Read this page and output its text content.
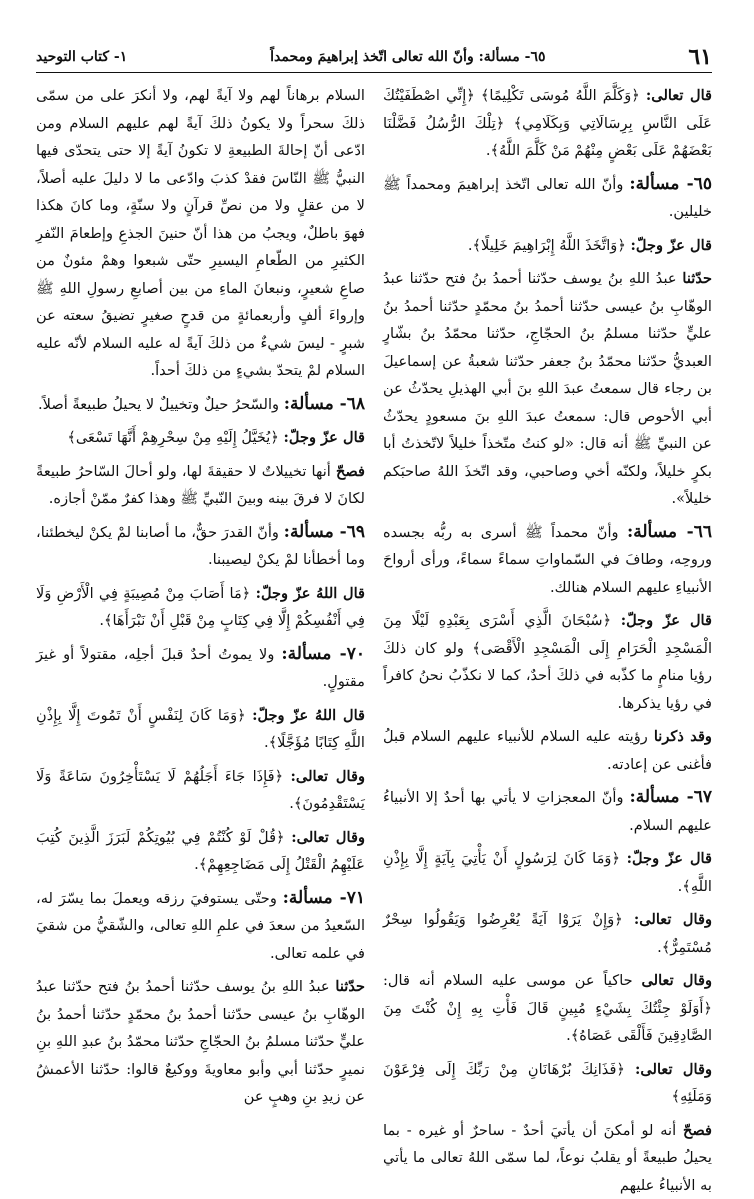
١- كتاب التوحيد	٦٥- مسألة: وأنّ الله تعالى اتّخذ إبراهيمَ ومحمداً	٦١

قال تعالى: ﴿وَكَلَّمَ اللَّهُ مُوسَى تَكْلِيمًا﴾ ﴿إِنِّي اصْطَفَيْتُكَ عَلَى النَّاسِ بِرِسَالَاتِي وَبِكَلَامِي﴾ ﴿تِلْكَ الرُّسُلُ فَضَّلْنَا بَعْضَهُمْ عَلَى بَعْضٍ مِنْهُمْ مَنْ كَلَّمَ اللَّهُ﴾.

٦٥- مسألة: وأنّ الله تعالى اتّخذ إبراهيمَ ومحمداً ﷺ خليلين.

قال عزّ وجلّ: ﴿وَاتَّخَذَ اللَّهُ إِبْرَاهِيمَ خَلِيلًا﴾.

حدّثنا عبدُ اللهِ بنُ يوسف حدّثنا أحمدُ بنُ فتح حدّثنا عبدُ الوهّابِ بنُ عيسى حدّثنا أحمدُ بنُ محمّدٍ حدّثنا أحمدُ بنُ عليٍّ حدّثنا مسلمُ بنُ الحجّاجِ، حدّثنا محمّدُ بنُ بشّارٍ العبديُّ حدّثنا محمّدُ بنُ جعفر حدّثنا شعبةُ عن إسماعيلَ بن رجاء قال سمعتُ عبدَ اللهِ بنَ أبي الهذيلِ يحدّثُ عن أبي الأحوص قال: سمعتُ عبدَ اللهِ بنَ مسعودٍ يحدّثُ عن النبيِّ ﷺ أنه قال: «لو كنتُ متّخذاً خليلاً لاتّخذتُ أبا بكرٍ خليلاً، ولكنّه أخي وصاحبي، وقد اتّخذَ اللهُ صاحبَكم خليلاً».

٦٦- مسألة: وأنّ محمداً ﷺ أسرى به ربُّه بجسده وروحِه، وطافَ في السّماواتِ سماءً سماءً، ورأى أرواحَ الأنبياءِ عليهم السلام هنالك.

قال عزّ وجلّ: ﴿سُبْحَانَ الَّذِي أَسْرَى بِعَبْدِهِ لَيْلًا مِنَ الْمَسْجِدِ الْحَرَامِ إِلَى الْمَسْجِدِ الْأَقْصَى﴾ ولو كان ذلكَ رؤيا منامٍ ما كذّبه في ذلكَ أحدٌ، كما لا نكذّبُ نحنُ كافراً في رؤيا يذكرها.

وقد ذكرنا رؤيته عليه السلام للأنبياء عليهم السلام قبلُ فأغنى عن إعادته.

٦٧- مسألة: وأنّ المعجزاتِ لا يأتي بها أحدٌ إلا الأنبياءُ عليهم السلام.

قال عزّ وجلّ: ﴿وَمَا كَانَ لِرَسُولٍ أَنْ يَأْتِيَ بِآيَةٍ إِلَّا بِإِذْنِ اللَّهِ﴾.

وقال تعالى: ﴿وَإِنْ يَرَوْا آيَةً يُعْرِضُوا وَيَقُولُوا سِحْرٌ مُسْتَمِرٌّ﴾.

وقال تعالى حاكياً عن موسى عليه السلام أنه قال: ﴿أَوَلَوْ جِئْتُكَ بِشَيْءٍ مُبِينٍ قَالَ فَأْتِ بِهِ إِنْ كُنْتَ مِنَ الصَّادِقِينَ فَأَلْقَى عَصَاهُ﴾.

وقال تعالى: ﴿فَذَانِكَ بُرْهَانَانِ مِنْ رَبِّكَ إِلَى فِرْعَوْنَ وَمَلَئِهِ﴾

فصحّ أنه لو أمكنَ أن يأتيَ أحدٌ - ساحرٌ أو غيره - بما يحيلُ طبيعةً أو يقلبُ نوعاً، لما سمّى اللهُ تعالى ما يأتي به الأنبياءُ عليهم

السلام برهاناً لهم ولا آيةً لهم، ولا أنكرَ على من سمّى ذلكَ سحراً ولا يكونُ ذلكَ آيةً لهم عليهم السلام ومن ادّعى أنّ إحالةَ الطبيعةِ لا تكونُ آيةً إلا حتى يتحدّى فيها النبيُّ ﷺ النّاسَ فقدْ كذبَ وادّعى ما لا دليلَ عليه أصلاً، لا من عقلٍ ولا من نصِّ قرآنٍ ولا سنّةٍ، وما كانَ هكذا فهوَ باطلٌ، ويجبُ من هذا أنّ حنينَ الجذعِ وإطعامَ النّفرِ الكثيرِ من الطّعامِ اليسيرِ حتّى شبعوا وهمْ مئونٌ من صاعِ شعيرٍ، ونبعانَ الماءِ من بين أصابعِ رسولِ اللهِ ﷺ وإرواءَ ألفٍ وأربعمائةٍ من قدحٍ صغيرٍ تضيقُ سعته عن شبرٍ - ليسَ شيءٌ من ذلكَ آيةً له عليه السلام لأنّه عليه السلام لمْ يتحدّ بشيءٍ من ذلكَ أحداً.

٦٨- مسألة: والسّحرُ حيلٌ وتخييلٌ لا يحيلُ طبيعةً أصلاً.

قال عزّ وجلّ: ﴿يُخَيَّلُ إِلَيْهِ مِنْ سِحْرِهِمْ أَنَّهَا تَسْعَى﴾

فصحّ أنها تخييلاتٌ لا حقيقةَ لها، ولو أحالَ السّاحرُ طبيعةً لكانَ لا فرقَ بينه وبينَ النّبيِّ ﷺ وهذا كفرٌ ممّنْ أجازه.

٦٩- مسألة: وأنّ القدرَ حقٌّ، ما أصابنا لمْ يكنْ ليخطئنا، وما أخطأنا لمْ يكنْ ليصيبنا.

قال اللهُ عزّ وجلّ: ﴿مَا أَصَابَ مِنْ مُصِيبَةٍ فِي الْأَرْضِ وَلَا فِي أَنْفُسِكُمْ إِلَّا فِي كِتَابٍ مِنْ قَبْلِ أَنْ نَبْرَأَهَا﴾.

٧٠- مسألة: ولا يموتُ أحدٌ قبلَ أجلِه، مقتولاً أو غيرَ مقتولٍ.

قال اللهُ عزّ وجلّ: ﴿وَمَا كَانَ لِنَفْسٍ أَنْ تَمُوتَ إِلَّا بِإِذْنِ اللَّهِ كِتَابًا مُؤَجَّلًا﴾.

وقال تعالى: ﴿فَإِذَا جَاءَ أَجَلُهُمْ لَا يَسْتَأْخِرُونَ سَاعَةً وَلَا يَسْتَقْدِمُونَ﴾.

وقال تعالى: ﴿قُلْ لَوْ كُنْتُمْ فِي بُيُوتِكُمْ لَبَرَزَ الَّذِينَ كُتِبَ عَلَيْهِمُ الْقَتْلُ إِلَى مَضَاجِعِهِمْ﴾.

٧١- مسألة: وحتّى يستوفيَ رزقه ويعملَ بما يسّرَ له، السّعيدُ من سعدَ في علمِ اللهِ تعالى، والشّقيُّ من شقيَ في علمه تعالى.

حدّثنا عبدُ اللهِ بنُ يوسف حدّثنا أحمدُ بنُ فتح حدّثنا عبدُ الوهّابِ بنُ عيسى حدّثنا أحمدُ بنُ محمّدٍ حدّثنا أحمدُ بنُ عليٍّ حدّثنا مسلمُ بنُ الحجّاجِ حدّثنا محمّدُ بنُ عبدِ اللهِ بنِ نميرٍ حدّثنا أبي وأبو معاويةَ ووكيعٌ قالوا: حدّثنا الأعمشُ عن زيدِ بنِ وهبٍ عن
